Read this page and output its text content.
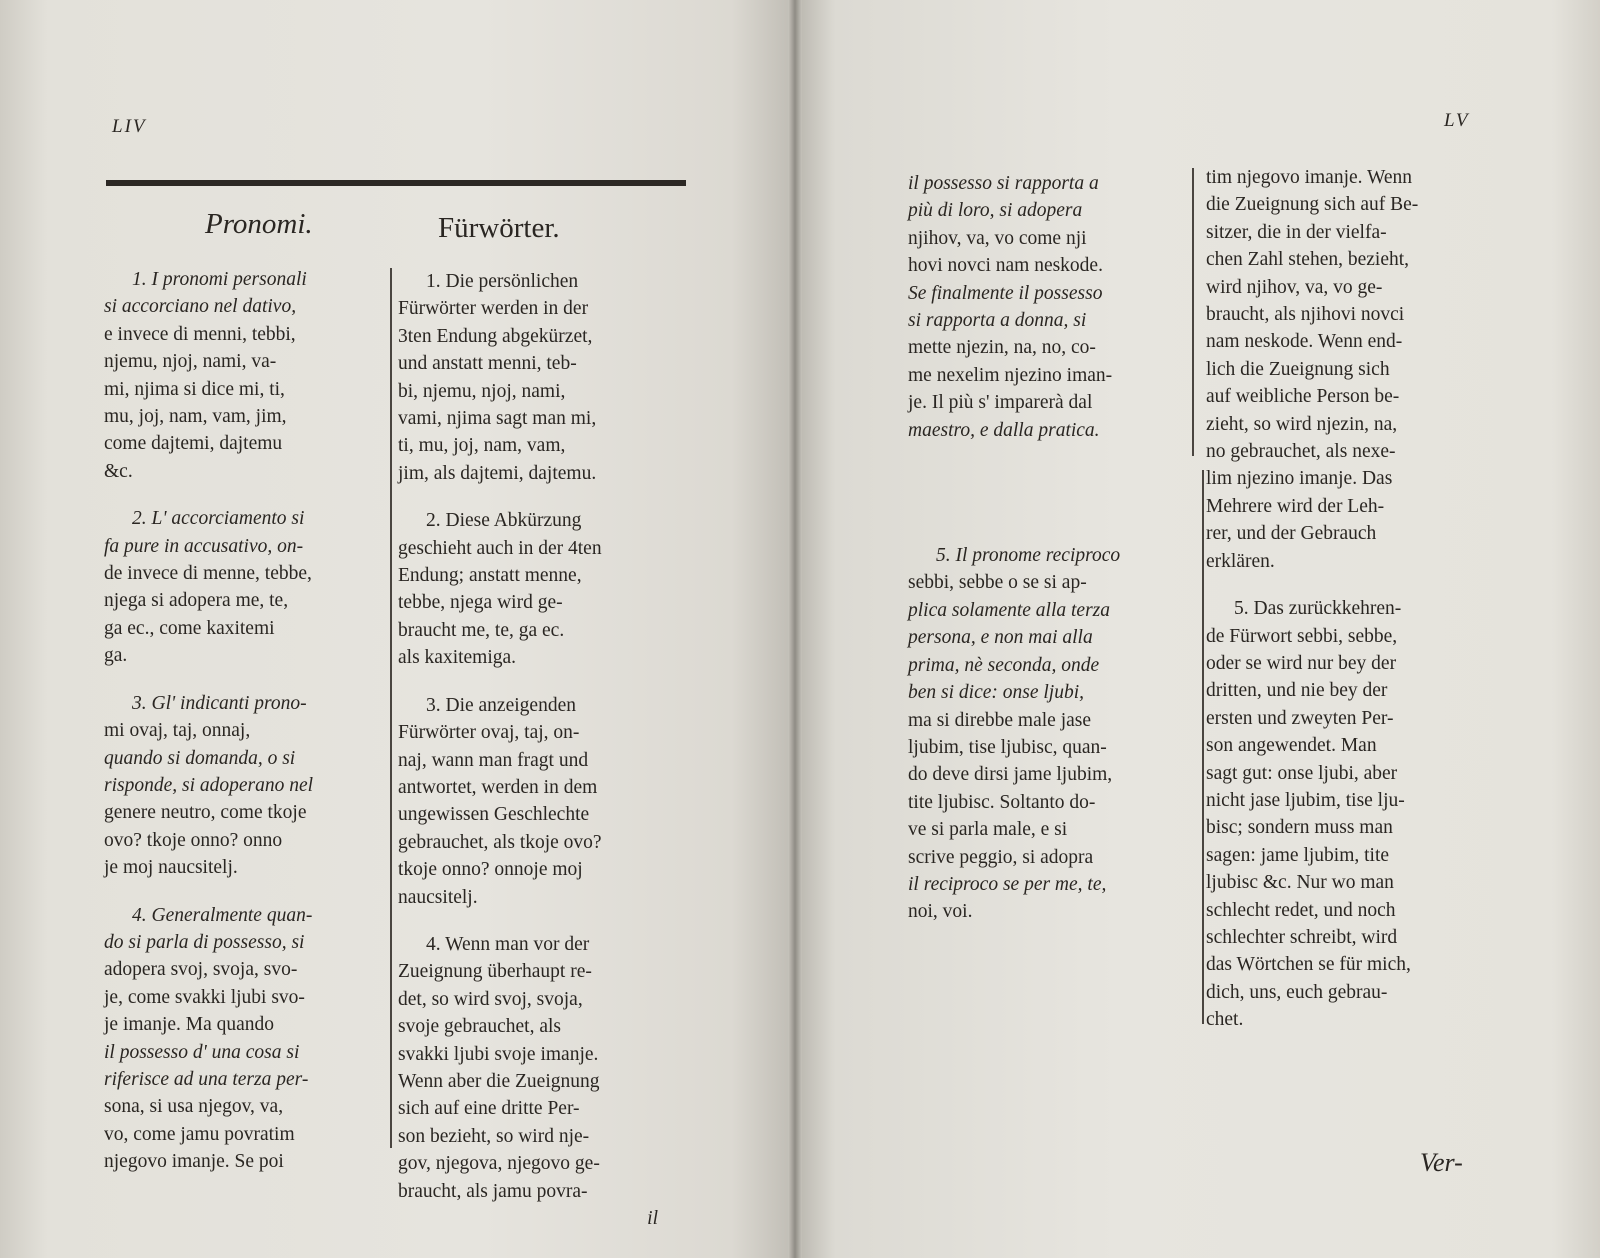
LIV
Pronomi.	Fürwörter.

1. I pronomi personali

si accorciano nel dativo,

e invece di menni, tebbi,

njemu, njoj, nami, va-

mi, njima si dice mi, ti,

mu, joj, nam, vam, jim,

come dajtemi, dajtemu

&c.

2. L' accorciamento si

fa pure in accusativo, on-

de invece di menne, tebbe,

njega si adopera me, te,

ga ec., come kaxitemi

ga.

3. Gl' indicanti prono-

mi ovaj, taj, onnaj,

quando si domanda, o si

risponde, si adoperano nel

genere neutro, come tkoje

ovo? tkoje onno? onno

je moj naucsitelj.

4. Generalmente quan-

do si parla di possesso, si

adopera svoj, svoja, svo-

je, come svakki ljubi svo-

je imanje. Ma quando

il possesso d' una cosa si

riferisce ad una terza per-

sona, si usa njegov, va,

vo, come jamu povratim

njegovo imanje. Se poi

1. Die persönlichen

Fürwörter werden in der

3ten Endung abgekürzet,

und anstatt menni, teb-

bi, njemu, njoj, nami,

vami, njima sagt man mi,

ti, mu, joj, nam, vam,

jim, als dajtemi, dajtemu.

2. Diese Abkürzung

geschieht auch in der 4ten

Endung; anstatt menne,

tebbe, njega wird ge-

braucht me, te, ga ec.

als kaxitemiga.

3. Die anzeigenden

Fürwörter ovaj, taj, on-

naj, wann man fragt und

antwortet, werden in dem

ungewissen Geschlechte

gebrauchet, als tkoje ovo?

tkoje onno? onnoje moj

naucsitelj.

4. Wenn man vor der

Zueignung überhaupt re-

det, so wird svoj, svoja,

svoje gebrauchet, als

svakki ljubi svoje imanje.

Wenn aber die Zueignung

sich auf eine dritte Per-

son bezieht, so wird nje-

gov, njegova, njegovo ge-

braucht, als jamu povra-

il

LV

il possesso si rapporta a

più di loro, si adopera

njihov, va, vo come nji

hovi novci nam neskode.

Se finalmente il possesso

si rapporta a donna, si

mette njezin, na, no, co-

me nexelim njezino iman-

je. Il più s' imparerà dal

maestro, e dalla pratica.

5. Il pronome reciproco

sebbi, sebbe o se si ap-

plica solamente alla terza

persona, e non mai alla

prima, nè seconda, onde

ben si dice: onse ljubi,

ma si direbbe male jase

ljubim, tise ljubisc, quan-

do deve dirsi jame ljubim,

tite ljubisc. Soltanto do-

ve si parla male, e si

scrive peggio, si adopra

il reciproco se per me, te,

noi, voi.

tim njegovo imanje. Wenn

die Zueignung sich auf Be-

sitzer, die in der vielfa-

chen Zahl stehen, bezieht,

wird njihov, va, vo ge-

braucht, als njihovi novci

nam neskode. Wenn end-

lich die Zueignung sich

auf weibliche Person be-

zieht, so wird njezin, na,

no gebrauchet, als nexe-

lim njezino imanje. Das

Mehrere wird der Leh-

rer, und der Gebrauch

erklären.

5. Das zurückkehren-

de Fürwort sebbi, sebbe,

oder se wird nur bey der

dritten, und nie bey der

ersten und zweyten Per-

son angewendet. Man

sagt gut: onse ljubi, aber

nicht jase ljubim, tise lju-

bisc; sondern muss man

sagen: jame ljubim, tite

ljubisc &c. Nur wo man

schlecht redet, und noch

schlechter schreibt, wird

das Wörtchen se für mich,

dich, uns, euch gebrau-

chet.

Ver-
